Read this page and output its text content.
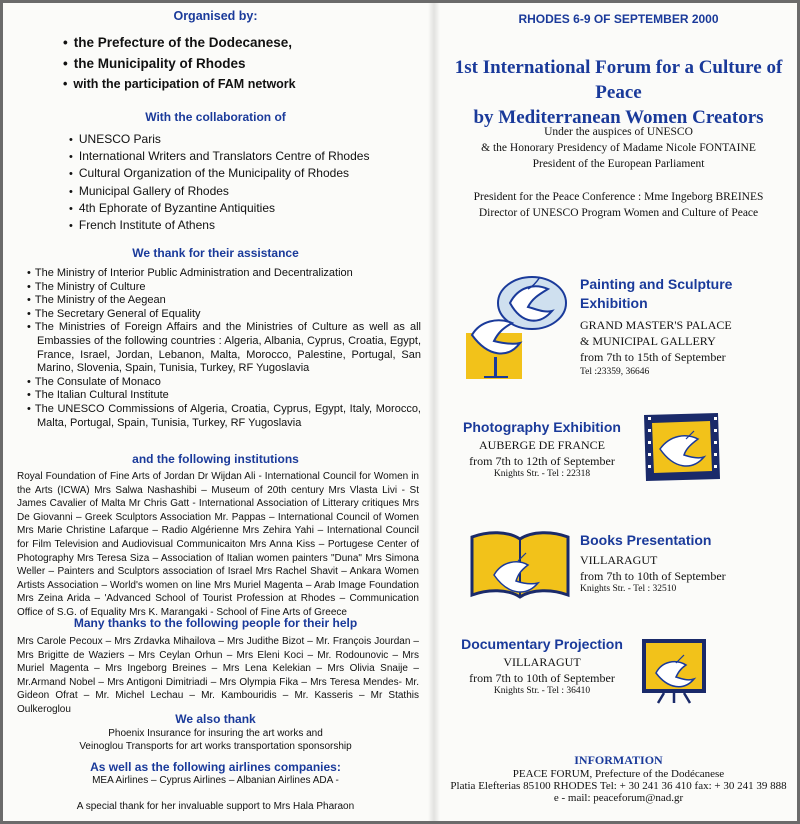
Organised by:
• the Prefecture of the Dodecanese,
• the Municipality of Rhodes
• with the participation of FAM network
With the collaboration of
• UNESCO Paris
• International Writers and Translators Centre of Rhodes
• Cultural Organization of the Municipality of Rhodes
• Municipal Gallery of Rhodes
• 4th Ephorate of Byzantine Antiquities
• French Institute of Athens
We thank for their assistance
• The Ministry of Interior Public Administration and Decentralization
• The Ministry of Culture
• The Ministry of the Aegean
• The Secretary General of Equality
• The Ministries of Foreign Affairs and the Ministries of Culture as well as all Embassies of the following countries : Algeria, Albania, Cyprus, Croatia, Egypt, France, Israel, Jordan, Lebanon, Malta, Morocco, Palestine, Portugal, San Marino, Slovenia, Spain, Tunisia, Turkey, RF Yugoslavia
• The Consulate of Monaco
• The Italian Cultural Institute
• The UNESCO Commissions of Algeria, Croatia, Cyprus, Egypt, Italy, Morocco, Malta, Portugal, Spain, Tunisia, Turkey, RF Yugoslavia
and the following institutions
Royal Foundation of Fine Arts of Jordan Dr Wijdan Ali - International Council for Women in the Arts (ICWA) Mrs Salwa Nashashibi – Museum of 20th century Mrs Vlasta Livi - St James Cavalier of Malta Mr Chris Gatt - International Association of Litterary critiques Mrs De Giovanni – Greek Sculptors Association Mr. Pappas – International Council of Women Mrs Marie Christine Lafarque – Radio Algérienne Mrs Zehira Yahi – International Council for Film Television and Audiovisual Communicaiton Mrs Anna Kiss – Portugese Center of Photography Mrs Teresa Siza – Association of Italian women painters "Duna" Mrs Simona Weller – Painters and Sculptors association of Israel Mrs Rachel Shavit – Ankara Women Artists Association – World's women on line Mrs Muriel Magenta – Arab Image Foundation Mrs Zeina Arida – 'Advanced School of Tourist Profession at Rhodes – Communication Office of S.G. of Equality Mrs K. Marangaki - School of Fine Arts of Greece
Many thanks to the following people for their help
Mrs Carole Pecoux – Mrs Zrdavka Mihailova – Mrs Judithe Bizot – Mr. François Jourdan – Mrs Brigitte de Waziers – Mrs Ceylan Orhun – Mrs Eleni Koci – Mr. Rodounovic – Mrs Muriel Magenta – Mrs Ingeborg Breines – Mrs Lena Kelekian – Mrs Olivia Snaije – Mr.Armand Nobel – Mrs Antigoni Dimitriadi – Mrs Olympia Fika – Mrs Teresa Mendes- Mr. Gideon Ofrat – Mr. Michel Lechau – Mr. Kambouridis – Mr. Kasseris – Mr Stathis Oulkeroglou
We also thank
Phoenix Insurance for insuring the art works and
Veinoglou Transports for art works transportation sponsorship
As well as the following airlines companies:
MEA Airlines – Cyprus Airlines – Albanian Airlines ADA -
A special thank for her invaluable support to Mrs Hala Pharaon
RHODES 6-9 OF SEPTEMBER 2000
1st International Forum for a Culture of Peace
by Mediterranean Women Creators
Under the auspices of UNESCO
& the Honorary Presidency of Madame Nicole FONTAINE
President of the European Parliament
President for the Peace Conference : Mme Ingeborg BREINES
Director of UNESCO Program Women and Culture of Peace
Painting and Sculpture
Exhibition
GRAND MASTER'S PALACE
& MUNICIPAL GALLERY
from 7th to 15th of September
Tel :23359, 36646
Photography Exhibition
AUBERGE DE FRANCE
from 7th to 12th of September
Knights Str. - Tel : 22318
Books Presentation
VILLARAGUT
from 7th to 10th of September
Knights Str. - Tel : 32510
Documentary Projection
VILLARAGUT
from 7th to 10th of September
Knights Str. - Tel : 36410
INFORMATION
PEACE FORUM, Prefecture of the Dodécanese
Platia Elefterias 85100 RHODES Tel: + 30 241 36 410 fax: + 30 241 39 888
e - mail: peaceforum@nad.gr
